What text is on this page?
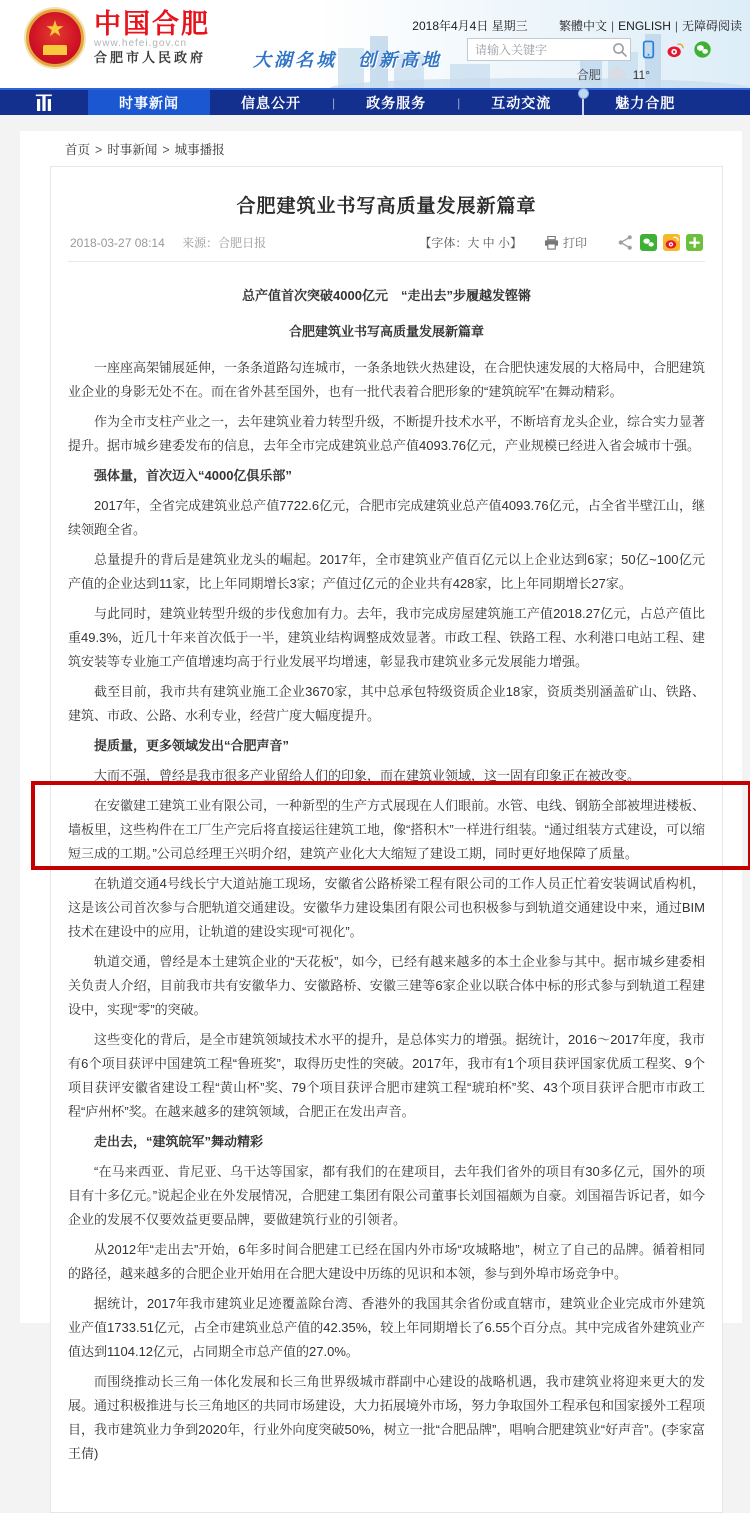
★	中国合肥
www.hefei.gov.cn
合肥市人民政府	大湖名城　创新高地
2018年4月4日 星期三	繁體中文 | ENGLISH | 无障碍阅读
请输入关键字
合肥	11°
时事新闻	信息公开	|	政务服务	|	互动交流	魅力合肥
首页 > 时事新闻 > 城事播报
合肥建筑业书写高质量发展新篇章
2018-03-27 08:14 来源：合肥日报	【字体：大 中 小】	打印

总产值首次突破4000亿元　“走出去”步履越发铿锵

合肥建筑业书写高质量发展新篇章

一座座高架铺展延伸，一条条道路勾连城市，一条条地铁火热建设，在合肥快速发展的大格局中，合肥建筑业企业的身影无处不在。而在省外甚至国外，也有一批代表着合肥形象的“建筑皖军”在舞动精彩。

作为全市支柱产业之一，去年建筑业着力转型升级，不断提升技术水平，不断培育龙头企业，综合实力显著提升。据市城乡建委发布的信息，去年全市完成建筑业总产值4093.76亿元，产业规模已经进入省会城市十强。

强体量，首次迈入“4000亿俱乐部”

2017年，全省完成建筑业总产值7722.6亿元，合肥市完成建筑业总产值4093.76亿元，占全省半壁江山，继续领跑全省。

总量提升的背后是建筑业龙头的崛起。2017年，全市建筑业产值百亿元以上企业达到6家；50亿~100亿元产值的企业达到11家，比上年同期增长3家；产值过亿元的企业共有428家，比上年同期增长27家。

与此同时，建筑业转型升级的步伐愈加有力。去年，我市完成房屋建筑施工产值2018.27亿元，占总产值比重49.3%，近几十年来首次低于一半，建筑业结构调整成效显著。市政工程、铁路工程、水利港口电站工程、建筑安装等专业施工产值增速均高于行业发展平均增速，彰显我市建筑业多元发展能力增强。

截至目前，我市共有建筑业施工企业3670家，其中总承包特级资质企业18家，资质类别涵盖矿山、铁路、建筑、市政、公路、水利专业，经营广度大幅度提升。

提质量，更多领域发出“合肥声音”

大而不强，曾经是我市很多产业留给人们的印象，而在建筑业领域，这一固有印象正在被改变。

在安徽建工建筑工业有限公司，一种新型的生产方式展现在人们眼前。水管、电线、钢筋全部被埋进楼板、墙板里，这些构件在工厂生产完后将直接运往建筑工地，像“搭积木”一样进行组装。“通过组装方式建设，可以缩短三成的工期。”公司总经理王兴明介绍，建筑产业化大大缩短了建设工期，同时更好地保障了质量。

在轨道交通4号线长宁大道站施工现场，安徽省公路桥梁工程有限公司的工作人员正忙着安装调试盾构机，这是该公司首次参与合肥轨道交通建设。安徽华力建设集团有限公司也积极参与到轨道交通建设中来，通过BIM技术在建设中的应用，让轨道的建设实现“可视化”。

轨道交通，曾经是本土建筑企业的“天花板”，如今，已经有越来越多的本土企业参与其中。据市城乡建委相关负责人介绍，目前我市共有安徽华力、安徽路桥、安徽三建等6家企业以联合体中标的形式参与到轨道工程建设中，实现“零”的突破。

这些变化的背后，是全市建筑领域技术水平的提升，是总体实力的增强。据统计，2016～2017年度，我市有6个项目获评中国建筑工程“鲁班奖”，取得历史性的突破。2017年，我市有1个项目获评国家优质工程奖、9个项目获评安徽省建设工程“黄山杯”奖、79个项目获评合肥市建筑工程“琥珀杯”奖、43个项目获评合肥市市政工程“庐州杯”奖。在越来越多的建筑领域，合肥正在发出声音。

走出去，“建筑皖军”舞动精彩

“在马来西亚、肯尼亚、乌干达等国家，都有我们的在建项目，去年我们省外的项目有30多亿元，国外的项目有十多亿元。”说起企业在外发展情况，合肥建工集团有限公司董事长刘国福颇为自豪。刘国福告诉记者，如今企业的发展不仅要效益更要品牌，要做建筑行业的引领者。

从2012年“走出去”开始，6年多时间合肥建工已经在国内外市场“攻城略地”，树立了自己的品牌。循着相同的路径，越来越多的合肥企业开始用在合肥大建设中历练的见识和本领，参与到外埠市场竞争中。

据统计，2017年我市建筑业足迹覆盖除台湾、香港外的我国其余省份或直辖市，建筑业企业完成市外建筑业产值1733.51亿元，占全市建筑业总产值的42.35%，较上年同期增长了6.55个百分点。其中完成省外建筑业产值达到1104.12亿元，占同期全市总产值的27.0%。

而围绕推动长三角一体化发展和长三角世界级城市群副中心建设的战略机遇，我市建筑业将迎来更大的发展。通过积极推进与长三角地区的共同市场建设，大力拓展境外市场，努力争取国外工程承包和国家援外工程项目，我市建筑业力争到2020年，行业外向度突破50%，树立一批“合肥品牌”，唱响合肥建筑业“好声音”。(李家富 王倩)
